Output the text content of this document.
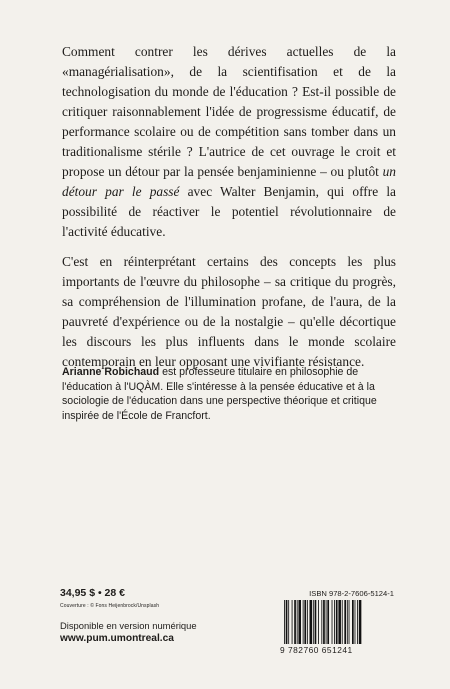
Comment contrer les dérives actuelles de la «managérialisation», de la scientifisation et de la technologisation du monde de l'éducation ? Est-il possible de critiquer raisonnablement l'idée de progressisme éducatif, de performance scolaire ou de compétition sans tomber dans un traditionalisme stérile ? L'autrice de cet ouvrage le croit et propose un détour par la pensée benjaminienne – ou plutôt un détour par le passé avec Walter Benjamin, qui offre la possibilité de réactiver le potentiel révolutionnaire de l'activité éducative.

C'est en réinterprétant certains des concepts les plus importants de l'œuvre du philosophe – sa critique du progrès, sa compréhension de l'illumination profane, de l'aura, de la pauvreté d'expérience ou de la nostalgie – qu'elle décortique les discours les plus influents dans le monde scolaire contemporain en leur opposant une vivifiante résistance.

Arianne Robichaud est professeure titulaire en philosophie de l'éducation à l'UQÀM. Elle s'intéresse à la pensée éducative et à la sociologie de l'éducation dans une perspective théorique et critique inspirée de l'École de Francfort.
34,95 $ • 28 €
Couverture : © Fons Heijenbrock/Unsplash
Disponible en version numérique
www.pum.umontreal.ca
ISBN 978-2-7606-5124-1
9 782760 651241
